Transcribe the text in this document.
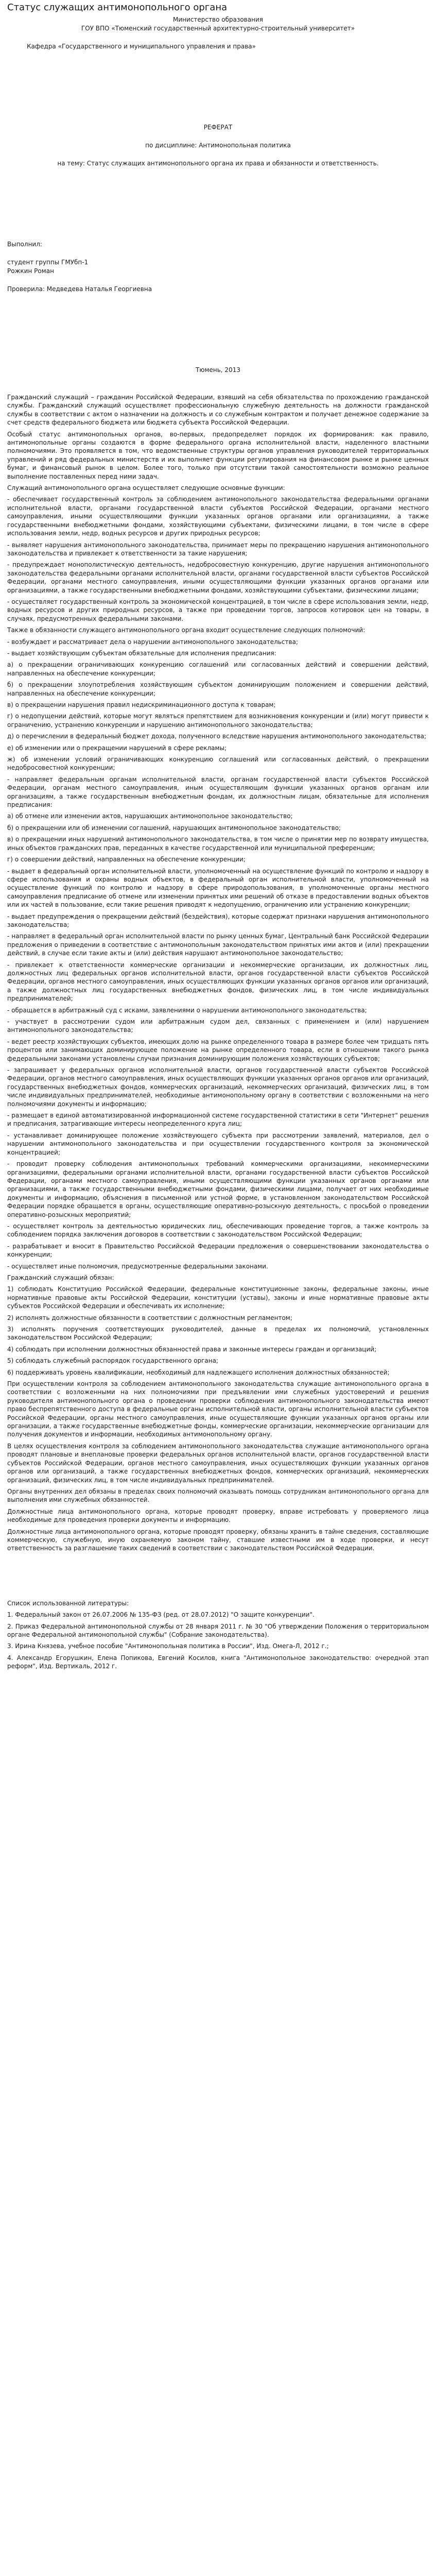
Статус служащих антимонопольного органа

Министерство образования

ГОУ ВПО «Тюменский государственный архитектурно-строительный университет»

Кафедра «Государственного и муниципального управления и права»

РЕФЕРАТ

по дисциплине: Антимонопольная политика

на тему: Статус служащих антимонопольного органа их права и обязанности и ответственность.

Выполнил:

студент группы ГМУбп-1

Рожкин Роман

Проверила: Медведева Наталья Георгиевна

Тюмень, 2013

Гражданский служащий – гражданин Российской Федерации, взявший на себя обязательства по прохождению гражданской службы. Гражданский служащий осуществляет профессиональную служебную деятельность на должности гражданской службы в соответствии с актом о назначении на должность и со служебным контрактом и получает денежное содержание за счет средств федерального бюджета или бюджета субъекта Российской Федерации.

Особый статус антимонопольных органов, во-первых, предопределяет порядок их формирования: как правило, антимонопольные органы создаются в форме федерального органа исполнительной власти, наделенного властными полномочиями. Это проявляется в том, что ведомственные структуры органов управления руководителей территориальных управлений и ряд федеральных министерств и их выполняет функции регулирования на финансовом рынке и рынке ценных бумаг, и финансовый рынок в целом. Более того, только при отсутствии такой самостоятельности возможно реальное выполнение поставленных перед ними задач.

Служащий антимонопольного органа осуществляет следующие основные функции:

- обеспечивает государственный контроль за соблюдением антимонопольного законодательства федеральными органами исполнительной власти, органами государственной власти субъектов Российской Федерации, органами местного самоуправления, иными осуществляющими функции указанных органов органами или организациями, а также государственными внебюджетными фондами, хозяйствующими субъектами, физическими лицами, в том числе в сфере использования земли, недр, водных ресурсов и других природных ресурсов;

- выявляет нарушения антимонопольного законодательства, принимает меры по прекращению нарушения антимонопольного законодательства и привлекает к ответственности за такие нарушения;

- предупреждает монополистическую деятельность, недобросовестную конкуренцию, другие нарушения антимонопольного законодательства федеральными органами исполнительной власти, органами государственной власти субъектов Российской Федерации, органами местного самоуправления, иными осуществляющими функции указанных органов органами или организациями, а также государственными внебюджетными фондами, хозяйствующими субъектами, физическими лицами;

- осуществляет государственный контроль за экономической концентрацией, в том числе в сфере использования земли, недр, водных ресурсов и других природных ресурсов, а также при проведении торгов, запросов котировок цен на товары, в случаях, предусмотренных федеральными законами.

Также в обязанности служащего антимонопольного органа входит осуществление следующих полномочий:

- возбуждает и рассматривает дела о нарушении антимонопольного законодательства;

- выдает хозяйствующим субъектам обязательные для исполнения предписания:

а) о прекращении ограничивающих конкуренцию соглашений или согласованных действий и совершении действий, направленных на обеспечение конкуренции;

б) о прекращении злоупотребления хозяйствующим субъектом доминирующим положением и совершении действий, направленных на обеспечение конкуренции;

в) о прекращении нарушения правил недискриминационного доступа к товарам;

г) о недопущении действий, которые могут являться препятствием для возникновения конкуренции и (или) могут привести к ограничению, устранению конкуренции и нарушению антимонопольного законодательства;

д) о перечислении в федеральный бюджет дохода, полученного вследствие нарушения антимонопольного законодательства;

е) об изменении или о прекращении нарушений в сфере рекламы;

ж) об изменении условий ограничивающих конкуренцию соглашений или согласованных действий, о прекращении недобросовестной конкуренции;

- направляет федеральным органам исполнительной власти, органам государственной власти субъектов Российской Федерации, органам местного самоуправления, иным осуществляющим функции указанных органов органам или организациям, а также государственным внебюджетным фондам, их должностным лицам, обязательные для исполнения предписания:

а) об отмене или изменении актов, нарушающих антимонопольное законодательство;

б) о прекращении или об изменении соглашений, нарушающих антимонопольное законодательство;

в) о прекращении иных нарушений антимонопольного законодательства, в том числе о принятии мер по возврату имущества, иных объектов гражданских прав, переданных в качестве государственной или муниципальной преференции;

г) о совершении действий, направленных на обеспечение конкуренции;

- выдает в федеральный орган исполнительной власти, уполномоченный на осуществление функций по контролю и надзору в сфере использования и охраны водных объектов, в федеральный орган исполнительной власти, уполномоченный на осуществление функций по контролю и надзору в сфере природопользования, в уполномоченные органы местного самоуправления предписание об отмене или изменении принятых ими решений об отказе в предоставлении водных объектов или их частей в пользование, если такие решения приводят к недопущению, ограничению или устранению конкуренции;

- выдает предупреждения о прекращении действий (бездействия), которые содержат признаки нарушения антимонопольного законодательства;

- направляет в федеральный орган исполнительной власти по рынку ценных бумаг, Центральный банк Российской Федерации предложения о приведении в соответствие с антимонопольным законодательством принятых ими актов и (или) прекращении действий, в случае если такие акты и (или) действия нарушают антимонопольное законодательство;

- привлекает к ответственности коммерческие организации и некоммерческие организации, их должностных лиц, должностных лиц федеральных органов исполнительной власти, органов государственной власти субъектов Российской Федерации, органов местного самоуправления, иных осуществляющих функции указанных органов органов или организаций, а также должностных лиц государственных внебюджетных фондов, физических лиц, в том числе индивидуальных предпринимателей;

- обращается в арбитражный суд с исками, заявлениями о нарушении антимонопольного законодательства;

- участвует в рассмотрении судом или арбитражным судом дел, связанных с применением и (или) нарушением антимонопольного законодательства;

- ведет реестр хозяйствующих субъектов, имеющих долю на рынке определенного товара в размере более чем тридцать пять процентов или занимающих доминирующее положение на рынке определенного товара, если в отношении такого рынка федеральными законами установлены случаи признания доминирующим положения хозяйствующих субъектов;

- запрашивает у федеральных органов исполнительной власти, органов государственной власти субъектов Российской Федерации, органов местного самоуправления, иных осуществляющих функции указанных органов органов или организаций, государственных внебюджетных фондов, коммерческих организаций, некоммерческих организаций, физических лиц, в том числе индивидуальных предпринимателей, необходимые антимонопольному органу в соответствии с возложенными на него полномочиями документы и информацию;

- размещает в единой автоматизированной информационной системе государственной статистики в сети "Интернет" решения и предписания, затрагивающие интересы неопределенного круга лиц;

- устанавливает доминирующее положение хозяйствующего субъекта при рассмотрении заявлений, материалов, дел о нарушении антимонопольного законодательства и при осуществлении государственного контроля за экономической концентрацией;

- проводит проверку соблюдения антимонопольных требований коммерческими организациями, некоммерческими организациями, федеральными органами исполнительной власти, органами государственной власти субъектов Российской Федерации, органами местного самоуправления, иными осуществляющими функции указанных органов органами или организациями, а также государственными внебюджетными фондами, физическими лицами, получает от них необходимые документы и информацию, объяснения в письменной или устной форме, в установленном законодательством Российской Федерации порядке обращается в органы, осуществляющие оперативно-розыскную деятельность, с просьбой о проведении оперативно-розыскных мероприятий;

- осуществляет контроль за деятельностью юридических лиц, обеспечивающих проведение торгов, а также контроль за соблюдением порядка заключения договоров в соответствии с законодательством Российской Федерации;

- разрабатывает и вносит в Правительство Российской Федерации предложения о совершенствовании законодательства о конкуренции;

- осуществляет иные полномочия, предусмотренные федеральными законами.

Гражданский служащий обязан:

1) соблюдать Конституцию Российской Федерации, федеральные конституционные законы, федеральные законы, иные нормативные правовые акты Российской Федерации, конституции (уставы), законы и иные нормативные правовые акты субъектов Российской Федерации и обеспечивать их исполнение;

2) исполнять должностные обязанности в соответствии с должностным регламентом;

3) исполнять поручения соответствующих руководителей, данные в пределах их полномочий, установленных законодательством Российской Федерации;

4) соблюдать при исполнении должностных обязанностей права и законные интересы граждан и организаций;

5) соблюдать служебный распорядок государственного органа;

6) поддерживать уровень квалификации, необходимый для надлежащего исполнения должностных обязанностей;

При осуществлении контроля за соблюдением антимонопольного законодательства служащие антимонопольного органа в соответствии с возложенными на них полномочиями при предъявлении ими служебных удостоверений и решения руководителя антимонопольного органа о проведении проверки соблюдения антимонопольного законодательства имеют право беспрепятственного доступа в федеральные органы исполнительной власти, органы исполнительной власти субъектов Российской Федерации, органы местного самоуправления, иные осуществляющие функции указанных органов органы или организации, а также государственные внебюджетные фонды, коммерческие организации, некоммерческие организации для получения документов и информации, необходимых антимонопольному органу.

В целях осуществления контроля за соблюдением антимонопольного законодательства служащие антимонопольного органа проводят плановые и внеплановые проверки федеральных органов исполнительной власти, органов государственной власти субъектов Российской Федерации, органов местного самоуправления, иных осуществляющих функции указанных органов органов или организаций, а также государственных внебюджетных фондов, коммерческих организаций, некоммерческих организаций, физических лиц, в том числе индивидуальных предпринимателей.

Органы внутренних дел обязаны в пределах своих полномочий оказывать помощь сотрудникам антимонопольного органа для выполнения ими служебных обязанностей.

Должностные лица антимонопольного органа, которые проводят проверку, вправе истребовать у проверяемого лица необходимые для проведения проверки документы и информацию.

Должностные лица антимонопольного органа, которые проводят проверку, обязаны хранить в тайне сведения, составляющие коммерческую, служебную, иную охраняемую законом тайну, ставшие известными им в ходе проверки, и несут ответственность за разглашение таких сведений в соответствии с законодательством Российской Федерации.

Список использованной литературы:

1. Федеральный закон от 26.07.2006 № 135-ФЗ (ред. от 28.07.2012) "О защите конкуренции".

2. Приказ Федеральной антимонопольной службы от 28 января 2011 г. № 30 "Об утверждении Положения о территориальном органе Федеральной антимонопольной службы" (Собрание законодательства).

3. Ирина Князева, учебное пособие "Антимонопольная политика в России", Изд. Омега-Л, 2012 г.;

4. Александр Егорушкин, Елена Попикова, Евгений Косилов, книга "Антимонопольное законодательство: очередной этап реформ", Изд. Вертикаль, 2012 г.
